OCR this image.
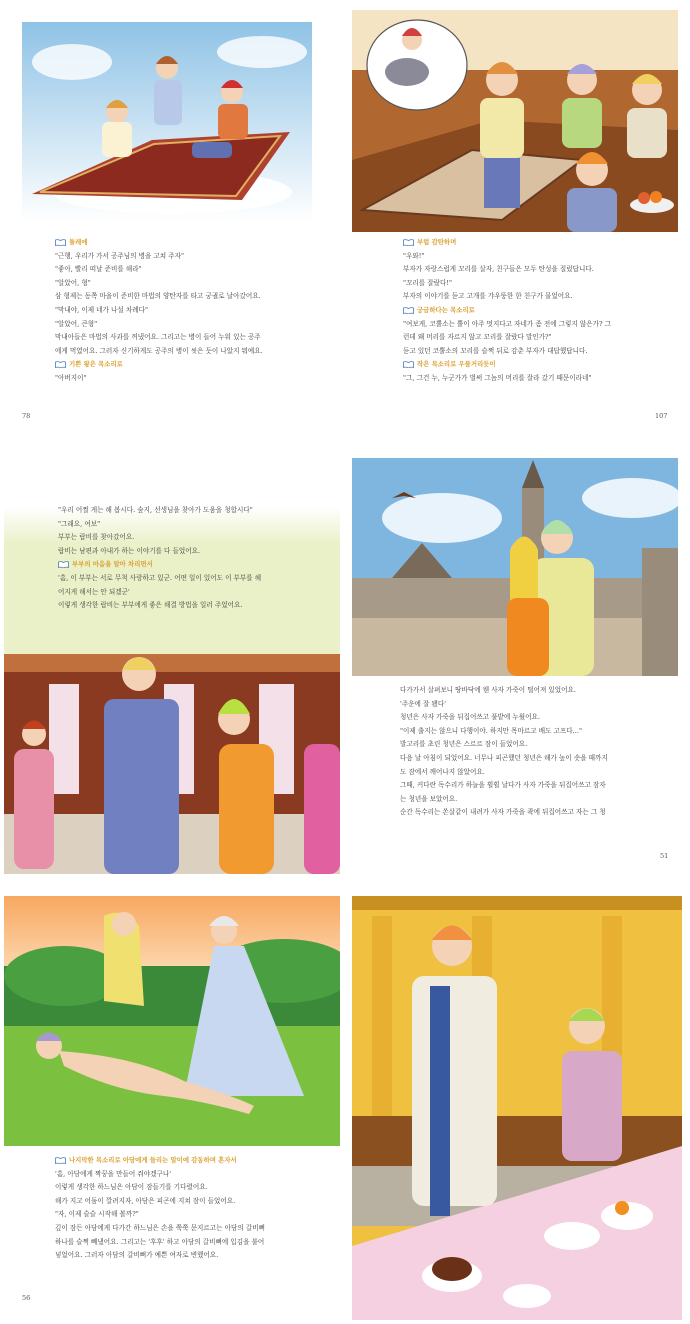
돌레에

"근행, 우리가 가서 공주님의 병을 고쳐 주자"

"좋아, 빨리 떠날 준비를 해라"

"알았어, 형"

삼 형제는 동쪽 마을이 준비한 마법의 양탄자를 타고 궁궐로 날아갔어요.

"막내야, 이제 네가 나설 차례다"

"알았어, 큰형"

막내아들은 마법의 사과를 꺼냈어요. 그리고는 병이 들어 누워 있는 공주

에게 먹였어요. 그러자 신기하게도 공주의 병이 씻은 듯이 나았지 뭐예요.

기쁜 왕은 목소리로

"아버지이"

78

부럽 감탄하며

"우와!"

부자가 자랑스럽게 꼬리를 살자, 친구들은 모두 탄성을 질렀답니다.

"꼬리를 잘랐다!"

부자의 이야기를 듣고 고개를 갸우뚱한 한 친구가 물었어요.

궁금하다는 목소리로

"여보게, 코뿔소는 뿔이 아주 멋지다고 자네가 좀 전에 그렇지 않은가? 그

런데 왜 머리를 자르지 않고 꼬리를 잘랐다 말인가?"

듣고 있던 코뿔소의 꼬리를 슬쩍 뒤로 감춘 부자가 대답했답니다.

작은 목소리로 우물거리듯이

"그, 그건 누, 누군가가 벌써 그놈의 머리를 잘라 갔기 때문이라네"

107

"우리 어쩔 게는 해 봅시다. 숲지, 선생님을 찾아가 도움을 청합시다"

"그래요, 여보"

부부는 랍비를 찾아갔어요.

랍비는 남편과 아내가 하는 이야기를 다 들었어요.

부부의 마음을 알아 차리면서

'흠, 이 부부는 서로 무척 사랑하고 있군. 어떤 일이 있어도 이 부부를 헤

어지게 해서는 안 되겠군'

이렇게 생각한 랍비는 부부에게 좋은 해결 방법을 일러 주었어요.

다가가서 살펴보니 땅바닥에 웬 사자 가죽이 떨어져 있었어요.

'주운에 잘 됐다'

청년은 사자 가죽을 뒤집어쓰고 풀밭에 누웠어요.

"이제 출지는 않으니 다행이야. 하지만 목마르고 배도 고프다..."

발고리를 초린 청년은 스르르 잠이 들었어요.

다음 날 아침이 되었어요. 너무나 피곤했던 청년은 해가 높이 솟을 때까지

도 잠에서 깨어나지 않았어요.

그때, 커다란 독수리가 하늘을 휠휠 날다가 사자 가죽을 뒤집어쓰고 잠자

는 청년을 보았어요.

순간 독수리는 쏜살같이 내려가 사자 가죽을 콱에 뒤집어쓰고 자는 그 청

51

나지막한 목소리로 아담에게 들리는 말이에 감동하며 혼자서

'흠, 아담에게 짝꿍을 만들어 줘야겠구나'

이렇게 생각한 하느님은 아담이 잠들기를 기다렸어요.

해가 지고 어둠이 깔려지자, 아담은 피곤에 지쳐 잠이 들었어요.

"자, 이제 슬슬 시작해 볼까?"

깊이 잠든 아담에게 다가간 하느님은 손을 쭉쭉 문지르고는 아담의 갈비뼈

하나를 슬쩍 빼냈어요. 그리고는 '후후' 하고 아담의 갈비뼈에 입김을 불어

넣었어요. 그러자 아담의 갈비뼈가 예쁜 여자로 변했어요.

56
